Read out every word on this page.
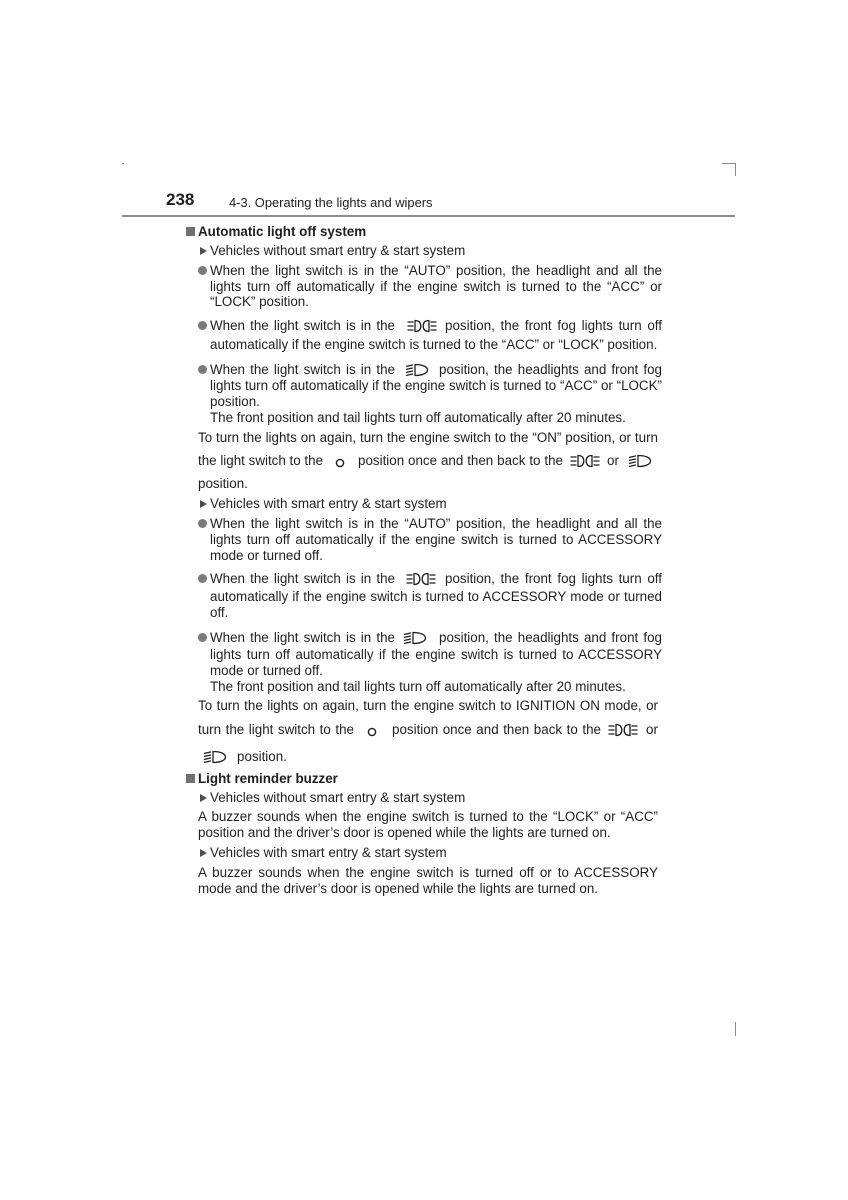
238	4-3. Operating the lights and wipers
Automatic light off system
Vehicles without smart entry & start system
When the light switch is in the “AUTO” position, the headlight and all the
lights turn off automatically if the engine switch is turned to the “ACC” or
“LOCK” position.
When the light switch is in the	position, the front fog lights turn off
automatically if the engine switch is turned to the “ACC” or “LOCK” position.
When the light switch is in the	position, the headlights and front fog
lights turn off automatically if the engine switch is turned to “ACC” or “LOCK”
position.
The front position and tail lights turn off automatically after 20 minutes.
To turn the lights on again, turn the engine switch to the “ON” position, or turn
the light switch to the	position once and then back to the	or
position.
Vehicles with smart entry & start system
When the light switch is in the “AUTO” position, the headlight and all the
lights turn off automatically if the engine switch is turned to ACCESSORY
mode or turned off.
When the light switch is in the	position, the front fog lights turn off
automatically if the engine switch is turned to ACCESSORY mode or turned
off.
When the light switch is in the	position, the headlights and front fog
lights turn off automatically if the engine switch is turned to ACCESSORY
mode or turned off.
The front position and tail lights turn off automatically after 20 minutes.
To turn the lights on again, turn the engine switch to IGNITION ON mode, or
turn the light switch to the	position once and then back to the	or
position.
Light reminder buzzer
Vehicles without smart entry & start system
A buzzer sounds when the engine switch is turned to the “LOCK” or “ACC”
position and the driver’s door is opened while the lights are turned on.
Vehicles with smart entry & start system
A buzzer sounds when the engine switch is turned off or to ACCESSORY
mode and the driver’s door is opened while the lights are turned on.
